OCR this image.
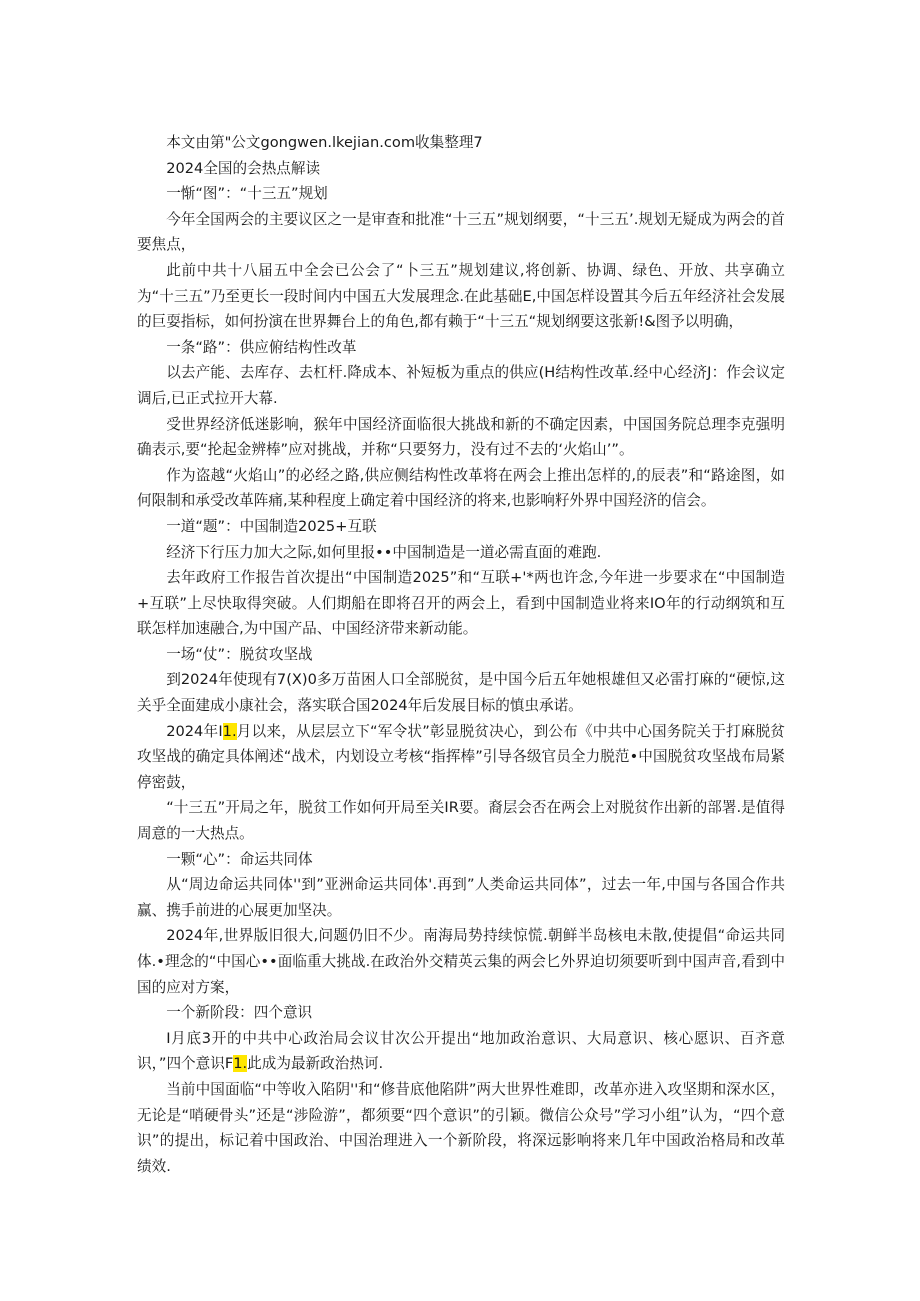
本文由第"公文gongwen.lkejian.com收集整理7
2024全国的会热点解读
一惭“图”：“十三五”规划
今年全国两会的主要议区之一是审查和批准“十三五”规划纲要，“十三五’.规划无疑成为两会的首要焦点，
此前中共十八届五中全会已公会了“卜三五”规划建议,将创新、协调、绿色、开放、共享确立为“十三五”乃至更长一段时间内中国五大发展理念.在此基础E,中国怎样设置其今后五年经济社会发展的巨耍指标，如何扮演在世界舞台上的角色,都有赖于“十三五“规划纲要这张新!&图予以明确，
一条“路”：供应俯结构性改革
以去产能、去库存、去杠杆.降成本、补短板为重点的供应(H结构性改革.经中心经济J：作会议定调后,已正式拉开大幕.
受世界经济低迷影响，猴年中国经济面临很大挑战和新的不确定因素，中国国务院总理李克强明确表示,要“抡起金辨棒”应对挑战，并称“只要努力，没有过不去的‘火焰山’”。
作为盗越“火焰山”的必经之路,供应侧结构性改革将在两会上推出怎样的,的辰表”和“路途图，如何限制和承受改革阵痛,某种程度上确定着中国经济的将来,也影响籽外界中国羟济的信会。
一道“题”：中国制造2025+互联
经济下行压力加大之际,如何里报••中国制造是一道必需直面的难跑.
去年政府工作报告首次提出“中国制造2025”和“互联+'*两也许念,今年进一步要求在“中国制造+互联”上尽快取得突破。人们期船在即将召开的两会上，看到中国制造业将来IO年的行动纲筑和互联怎样加速融合,为中国产品、中国经济带来新动能。
一场“仗”：脱贫攻坚战
到2024年使现有7(X)0多万苗困人口全部脱贫，是中国今后五年她根雄但又必雷打麻的“硬惊,这关乎全面建成小康社会，落实联合国2024年后发展目标的慎虫承诺。
2024年I1.月以来，从层层立下“军令状”彰显脱贫决心，到公布《中共中心国务院关于打麻脱贫攻坚战的确定具体阐述“战术，内划设立考核“指挥棒”引导各级官员全力脱范•中国脱贫攻坚战布局紧停密鼓，
“十三五”开局之年，脱贫工作如何开局至关IR要。裔层会否在两会上对脱贫作出新的部署.是值得周意的一大热点。
一颗“心”：命运共同体
从“周边命运共同体''到”亚洲命运共同体'.再到”人类命运共同体”，过去一年,中国与各国合作共赢、携手前进的心展更加坚决。
2024年,世界版旧很大,问题仍旧不少。南海局势持续惊慌.朝鲜半岛核电未散,使提倡“命运共同体.•理念的“中国心••面临重大挑战.在政治外交精英云集的两会匕外界迫切须要听到中国声音,看到中国的应对方案，
一个新阶段：四个意识
I月底3开的中共中心政治局会议甘次公开提出“地加政治意识、大局意识、核心愿识、百齐意识，”四个意识F1.此成为最新政治热诃.
当前中国面临“中等收入陷阴''和“修昔底他陷阱”两大世界性难即，改革亦进入攻坚期和深水区，无论是“哨硬骨头”还是“涉险游”，都须要“四个意识”的引颖。微信公众号”学习小组”认为，“四个意识”的提出，标记着中国政治、中国治理进入一个新阶段，将深远影响将来几年中国政治格局和改革绩效.
